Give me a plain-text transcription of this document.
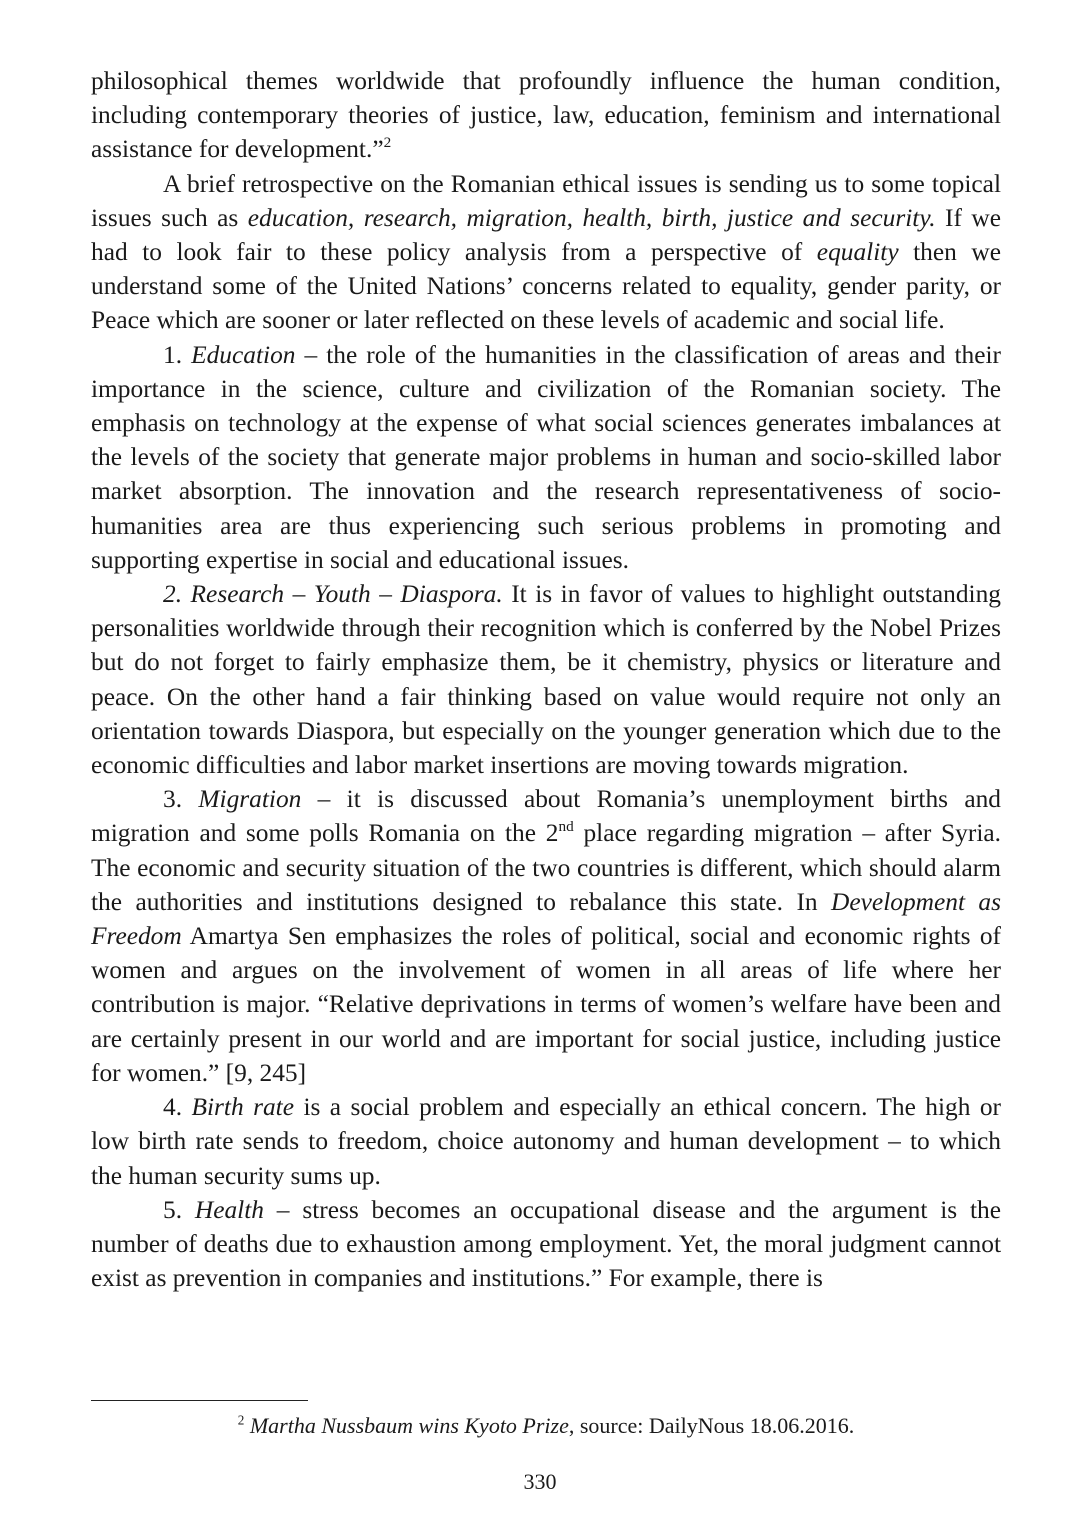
philosophical themes worldwide that profoundly influence the human condition, including contemporary theories of justice, law, education, feminism and international assistance for development.”$^2$

A brief retrospective on the Romanian ethical issues is sending us to some topical issues such as education, research, migration, health, birth, justice and security. If we had to look fair to these policy analysis from a perspective of equality then we understand some of the United Nations’ concerns related to equality, gender parity, or Peace which are sooner or later reflected on these levels of academic and social life.

1. Education – the role of the humanities in the classification of areas and their importance in the science, culture and civilization of the Romanian society. The emphasis on technology at the expense of what social sciences generates imbalances at the levels of the society that generate major problems in human and socio-skilled labor market absorption. The innovation and the research representativeness of socio-humanities area are thus experiencing such serious problems in promoting and supporting expertise in social and educational issues.

2. Research – Youth – Diaspora. It is in favor of values to highlight outstanding personalities worldwide through their recognition which is conferred by the Nobel Prizes but do not forget to fairly emphasize them, be it chemistry, physics or literature and peace. On the other hand a fair thinking based on value would require not only an orientation towards Diaspora, but especially on the younger generation which due to the economic difficulties and labor market insertions are moving towards migration.

3. Migration – it is discussed about Romania’s unemployment births and migration and some polls Romania on the 2nd place regarding migration – after Syria. The economic and security situation of the two countries is different, which should alarm the authorities and institutions designed to rebalance this state. In Development as Freedom Amartya Sen emphasizes the roles of political, social and economic rights of women and argues on the involvement of women in all areas of life where her contribution is major. “Relative deprivations in terms of women’s welfare have been and are certainly present in our world and are important for social justice, including justice for women.” [9, 245]

4. Birth rate is a social problem and especially an ethical concern. The high or low birth rate sends to freedom, choice autonomy and human development – to which the human security sums up.

5. Health – stress becomes an occupational disease and the argument is the number of deaths due to exhaustion among employment. Yet, the moral judgment cannot exist as prevention in companies and institutions.” For example, there is

$^2$ Martha Nussbaum wins Kyoto Prize, source: DailyNous 18.06.2016.
330
